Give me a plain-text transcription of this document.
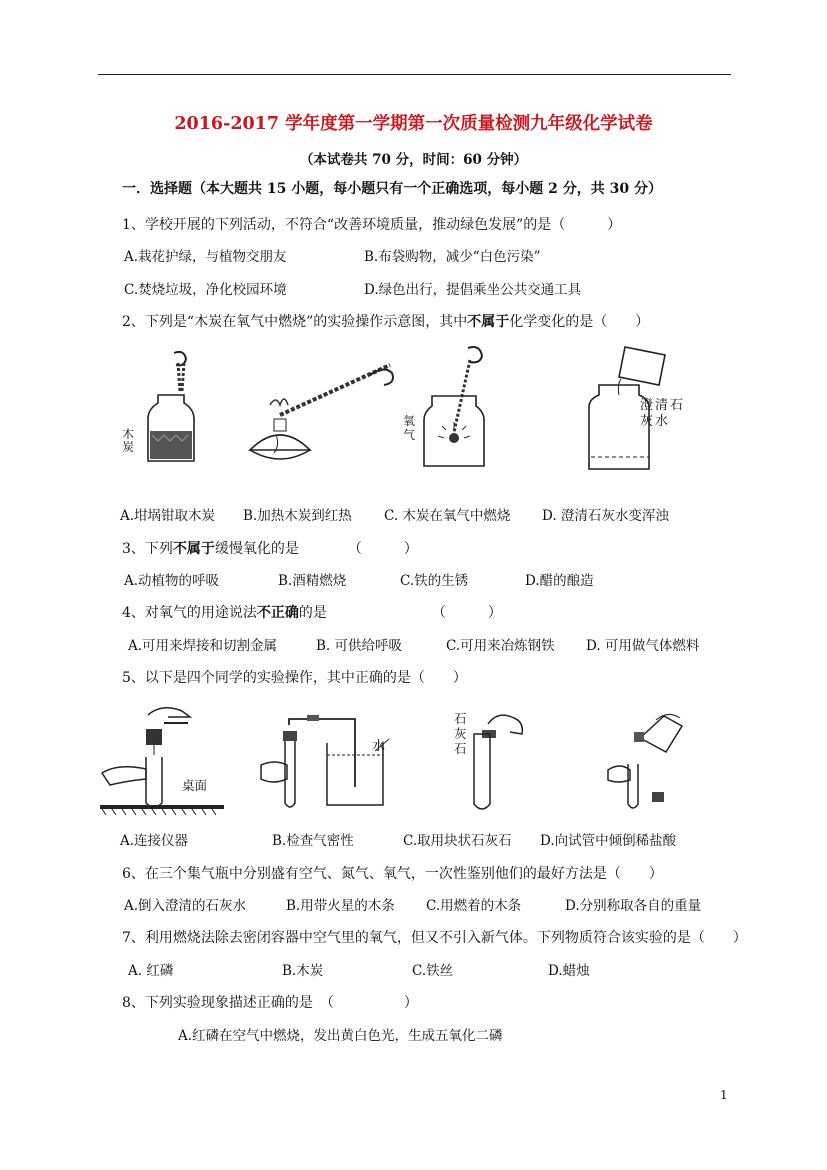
2016-2017 学年度第一学期第一次质量检测九年级化学试卷
（本试卷共 70 分，时间：60 分钟）
一．选择题（本大题共 15 小题，每小题只有一个正确选项，每小题 2 分，共 30 分）
1、学校开展的下列活动，不符合“改善环境质量，推动绿色发展”的是（　　　）
A.栽花护绿，与植物交朋友	B.布袋购物，减少“白色污染”
C.焚烧垃圾，净化校园环境	D.绿色出行，提倡乘坐公共交通工具
2、下列是“木炭在氧气中燃烧”的实验操作示意图，其中不属于化学变化的是（　　）
木炭
氧气
澄清石灰水
A.坩埚钳取木炭 B.加热木炭到红热 C. 木炭在氧气中燃烧 D. 澄清石灰水变浑浊
3、下列不属于缓慢氧化的是　　　　（　　　）
A.动植物的呼吸	B.酒精燃烧	C.铁的生锈	D.醋的酿造
4、对氧气的用途说法不正确的是　　　　　　　　（　　　）
A.可用来焊接和切割金属	B. 可供给呼吸	C.可用来冶炼钢铁 D. 可用做气体燃料
5、以下是四个同学的实验操作，其中正确的是（　　）
桌面
水
石灰石
A.连接仪器	B.检查气密性	C.取用块状石灰石 D.向试管中倾倒稀盐酸
6、在三个集气瓶中分别盛有空气、氮气、氧气，一次性鉴别他们的最好方法是（　　）
A.倒入澄清的石灰水	B.用带火星的木条 C.用燃着的木条	D.分别称取各自的重量
7、利用燃烧法除去密闭容器中空气里的氧气，但又不引入新气体。下列物质符合该实验的是（　　）
A. 红磷	B.木炭	C.铁丝	D.蜡烛
8、下列实验现象描述正确的是　（　　　　　）
A.红磷在空气中燃烧，发出黄白色光，生成五氧化二磷
1
